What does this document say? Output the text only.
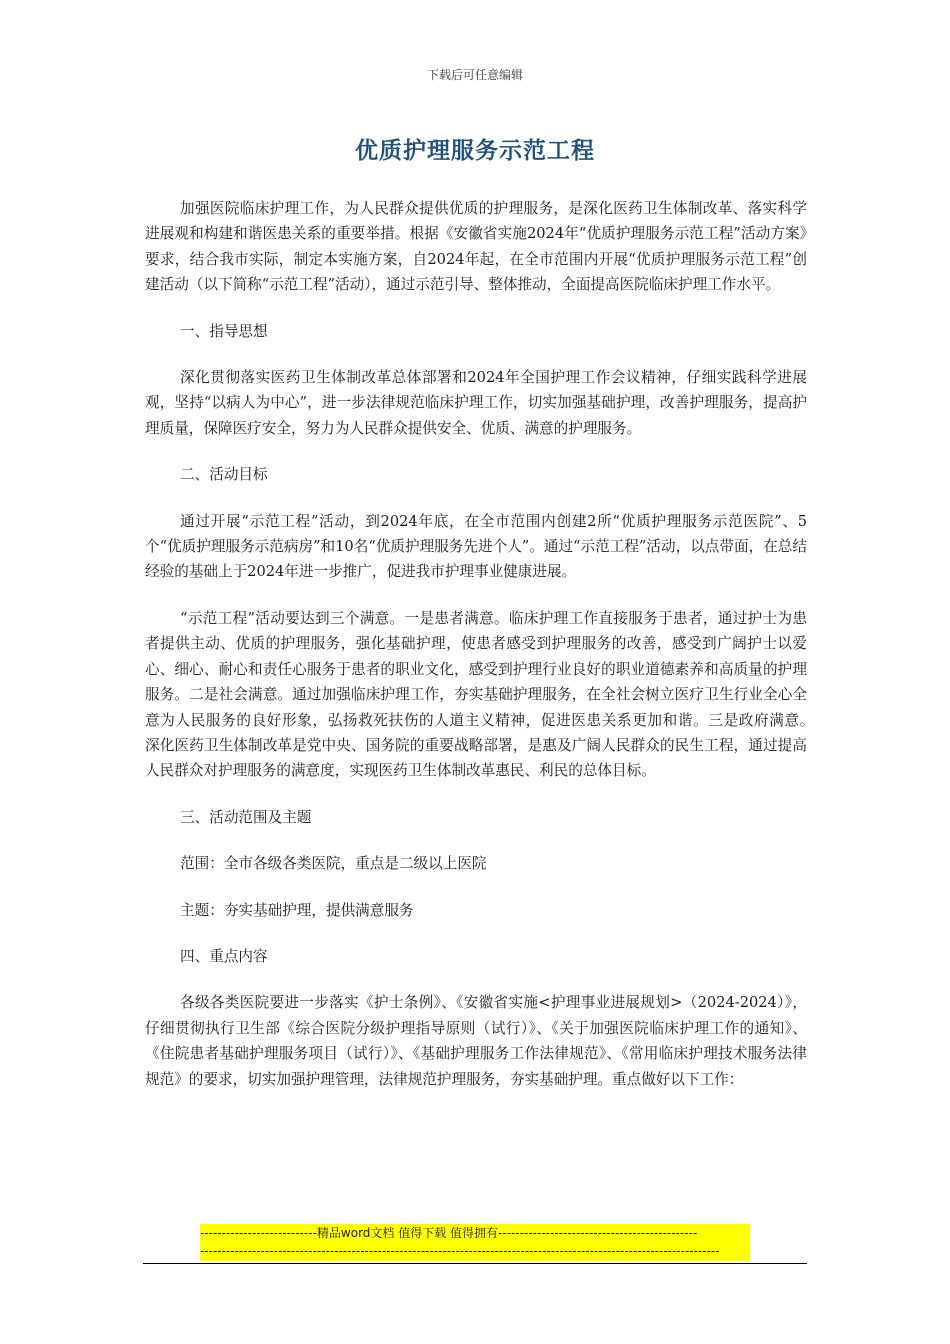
下载后可任意编辑
优质护理服务示范工程

加强医院临床护理工作，为人民群众提供优质的护理服务，是深化医药卫生体制改革、落实科学进展观和构建和谐医患关系的重要举措。根据《安徽省实施2024年“优质护理服务示范工程”活动方案》要求，结合我市实际，制定本实施方案，自2024年起，在全市范围内开展“优质护理服务示范工程”创建活动（以下简称“示范工程”活动），通过示范引导、整体推动，全面提高医院临床护理工作水平。

一、指导思想

深化贯彻落实医药卫生体制改革总体部署和2024年全国护理工作会议精神，仔细实践科学进展观，坚持“以病人为中心”，进一步法律规范临床护理工作，切实加强基础护理，改善护理服务，提高护理质量，保障医疗安全，努力为人民群众提供安全、优质、满意的护理服务。

二、活动目标

通过开展“示范工程”活动，到2024年底，在全市范围内创建2所“优质护理服务示范医院”、5个“优质护理服务示范病房”和10名“优质护理服务先进个人”。通过“示范工程”活动，以点带面，在总结经验的基础上于2024年进一步推广，促进我市护理事业健康进展。

“示范工程”活动要达到三个满意。一是患者满意。临床护理工作直接服务于患者，通过护士为患者提供主动、优质的护理服务，强化基础护理，使患者感受到护理服务的改善，感受到广阔护士以爱心、细心、耐心和责任心服务于患者的职业文化，感受到护理行业良好的职业道德素养和高质量的护理服务。二是社会满意。通过加强临床护理工作，夯实基础护理服务，在全社会树立医疗卫生行业全心全意为人民服务的良好形象，弘扬救死扶伤的人道主义精神，促进医患关系更加和谐。三是政府满意。　　深化医药卫生体制改革是党中央、国务院的重要战略部署，是惠及广阔人民群众的民生工程，通过提高人民群众对护理服务的满意度，实现医药卫生体制改革惠民、利民的总体目标。

三、活动范围及主题

范围：全市各级各类医院，重点是二级以上医院

主题：夯实基础护理，提供满意服务

四、重点内容

各级各类医院要进一步落实《护士条例》、《安徽省实施<护理事业进展规划>（2024-2024）》，仔细贯彻执行卫生部《综合医院分级护理指导原则（试行）》、《关于加强医院临床护理工作的通知》、《住院患者基础护理服务项目（试行）》、《基础护理服务工作法律规范》、《常用临床护理技术服务法律规范》的要求，切实加强护理管理，法律规范护理服务，夯实基础护理。重点做好以下工作：

---------------------------精品word文档 值得下载 值得拥有----------------------------------------------
------------------------------------------------------------------------------------------------------------------------
